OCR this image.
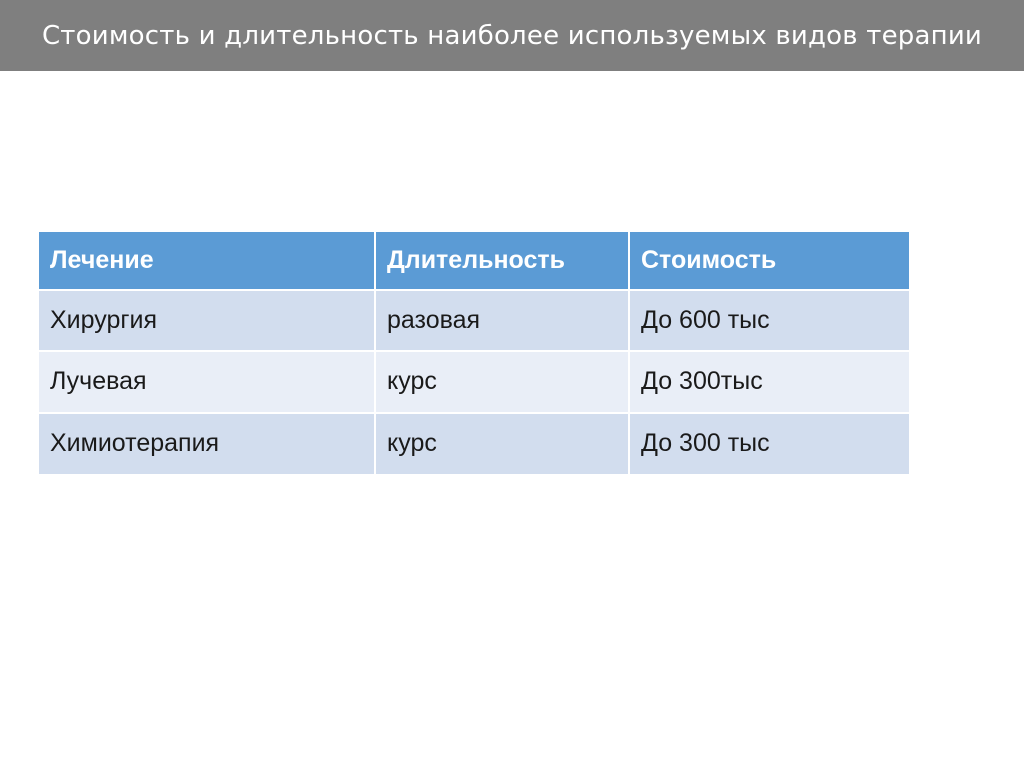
Стоимость и длительность наиболее используемых видов терапии
Лечение	Длительность	Стоимость
Хирургия	разовая	До 600 тыс
Лучевая	курс	До 300тыс
Химиотерапия	курс	До 300 тыс
